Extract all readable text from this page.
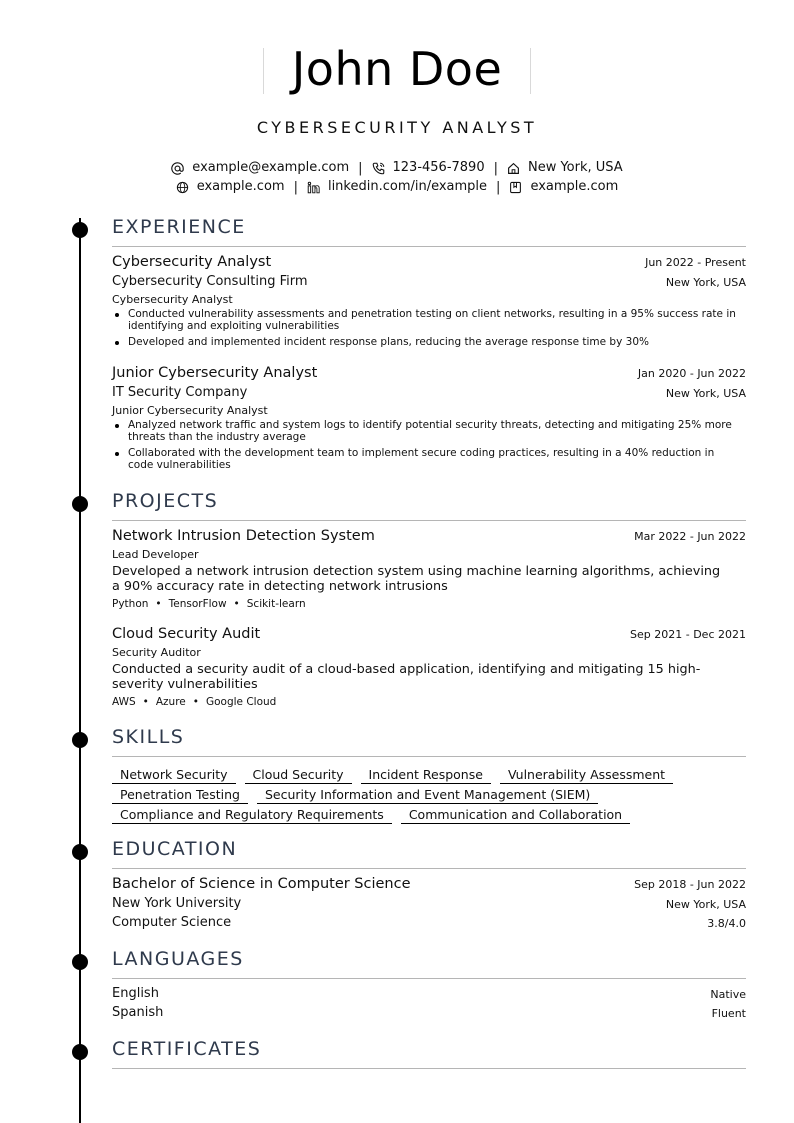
John Doe
CYBERSECURITY ANALYST
example@example.com | 123-456-7890 | New York, USA
example.com | linkedin.com/in/example | example.com
EXPERIENCE
Cybersecurity Analyst	Jun 2022 - Present
Cybersecurity Consulting Firm	New York, USA
Cybersecurity Analyst
Conducted vulnerability assessments and penetration testing on client networks, resulting in a 95% success rate in identifying and exploiting vulnerabilities
Developed and implemented incident response plans, reducing the average response time by 30%
Junior Cybersecurity Analyst	Jan 2020 - Jun 2022
IT Security Company	New York, USA
Junior Cybersecurity Analyst
Analyzed network traffic and system logs to identify potential security threats, detecting and mitigating 25% more threats than the industry average
Collaborated with the development team to implement secure coding practices, resulting in a 40% reduction in code vulnerabilities
PROJECTS
Network Intrusion Detection System	Mar 2022 - Jun 2022
Lead Developer
Developed a network intrusion detection system using machine learning algorithms, achieving a 90% accuracy rate in detecting network intrusions
Python • TensorFlow • Scikit-learn
Cloud Security Audit	Sep 2021 - Dec 2021
Security Auditor
Conducted a security audit of a cloud-based application, identifying and mitigating 15 high-severity vulnerabilities
AWS • Azure • Google Cloud
SKILLS
Network Security Cloud Security Incident Response Vulnerability Assessment
Penetration Testing Security Information and Event Management (SIEM)
Compliance and Regulatory Requirements Communication and Collaboration
EDUCATION
Bachelor of Science in Computer Science	Sep 2018 - Jun 2022
New York University	New York, USA
Computer Science	3.8/4.0
LANGUAGES
English	Native
Spanish	Fluent
CERTIFICATES
